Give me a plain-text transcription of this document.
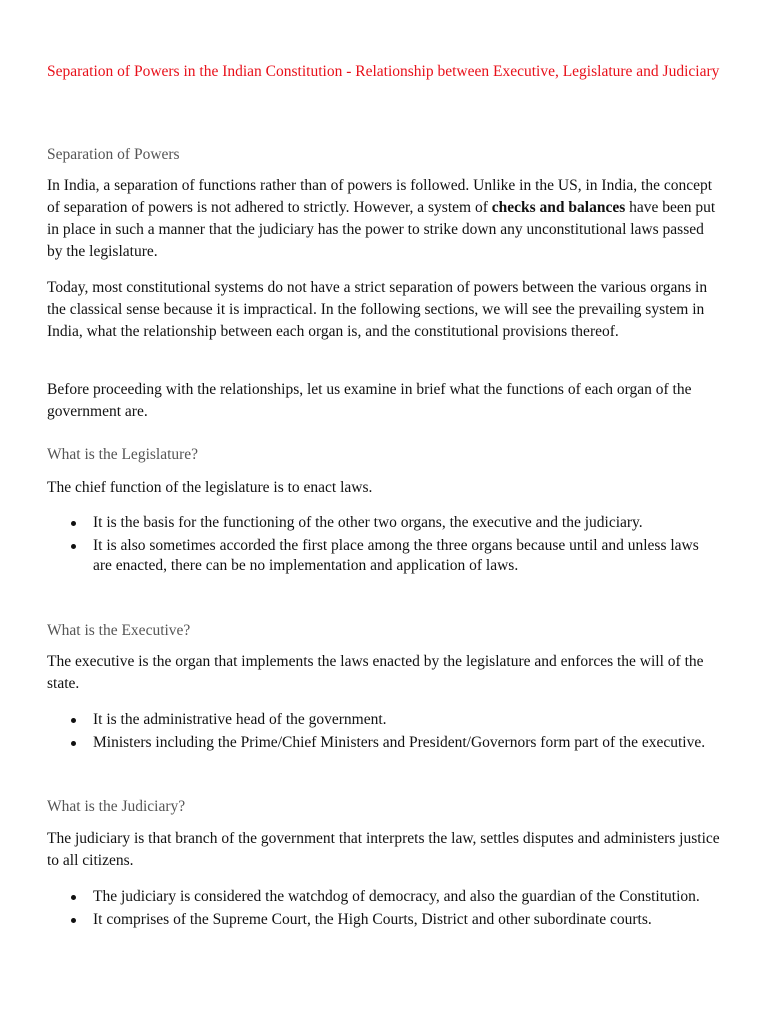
Separation of Powers in the Indian Constitution - Relationship between Executive, Legislature and Judiciary

Separation of Powers

In India, a separation of functions rather than of powers is followed. Unlike in the US, in India, the concept of separation of powers is not adhered to strictly. However, a system of checks and balances have been put in place in such a manner that the judiciary has the power to strike down any unconstitutional laws passed by the legislature.

Today, most constitutional systems do not have a strict separation of powers between the various organs in the classical sense because it is impractical. In the following sections, we will see the prevailing system in India, what the relationship between each organ is, and the constitutional provisions thereof.

Before proceeding with the relationships, let us examine in brief what the functions of each organ of the government are.

What is the Legislature?

The chief function of the legislature is to enact laws.

It is the basis for the functioning of the other two organs, the executive and the judiciary.
It is also sometimes accorded the first place among the three organs because until and unless laws are enacted, there can be no implementation and application of laws.

What is the Executive?

The executive is the organ that implements the laws enacted by the legislature and enforces the will of the state.

It is the administrative head of the government.
Ministers including the Prime/Chief Ministers and President/Governors form part of the executive.

What is the Judiciary?

The judiciary is that branch of the government that interprets the law, settles disputes and administers justice to all citizens.

The judiciary is considered the watchdog of democracy, and also the guardian of the Constitution.
It comprises of the Supreme Court, the High Courts, District and other subordinate courts.
